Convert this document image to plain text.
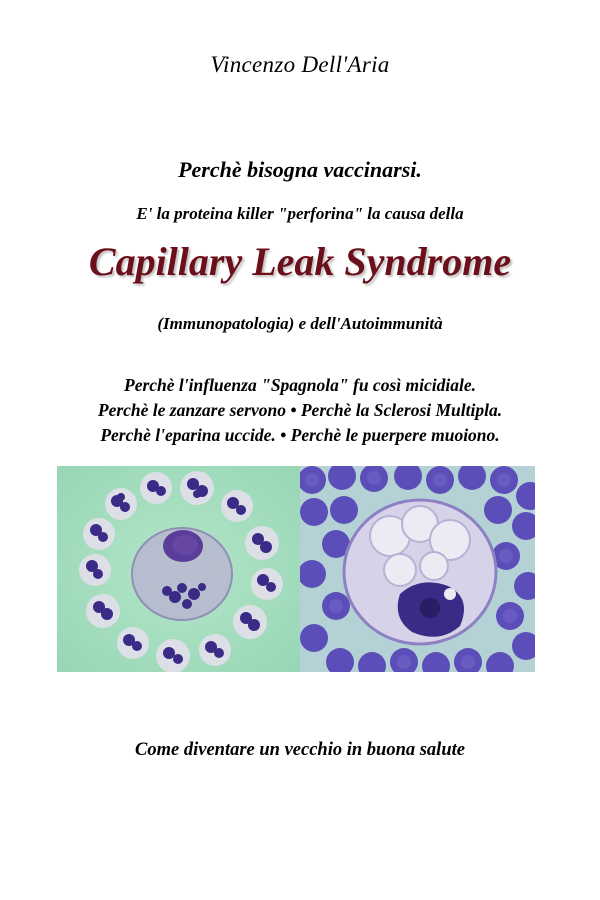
Vincenzo Dell'Aria
Perchè bisogna vaccinarsi.
E' la proteina killer "perforina" la causa della
Capillary Leak Syndrome
(Immunopatologia) e dell'Autoimmunità
Perchè l'influenza "Spagnola" fu così micidiale.
Perchè le zanzare servono • Perchè la Sclerosi Multipla.
Perchè l'eparina uccide. • Perchè le puerpere muoiono.
Come diventare un vecchio in buona salute
